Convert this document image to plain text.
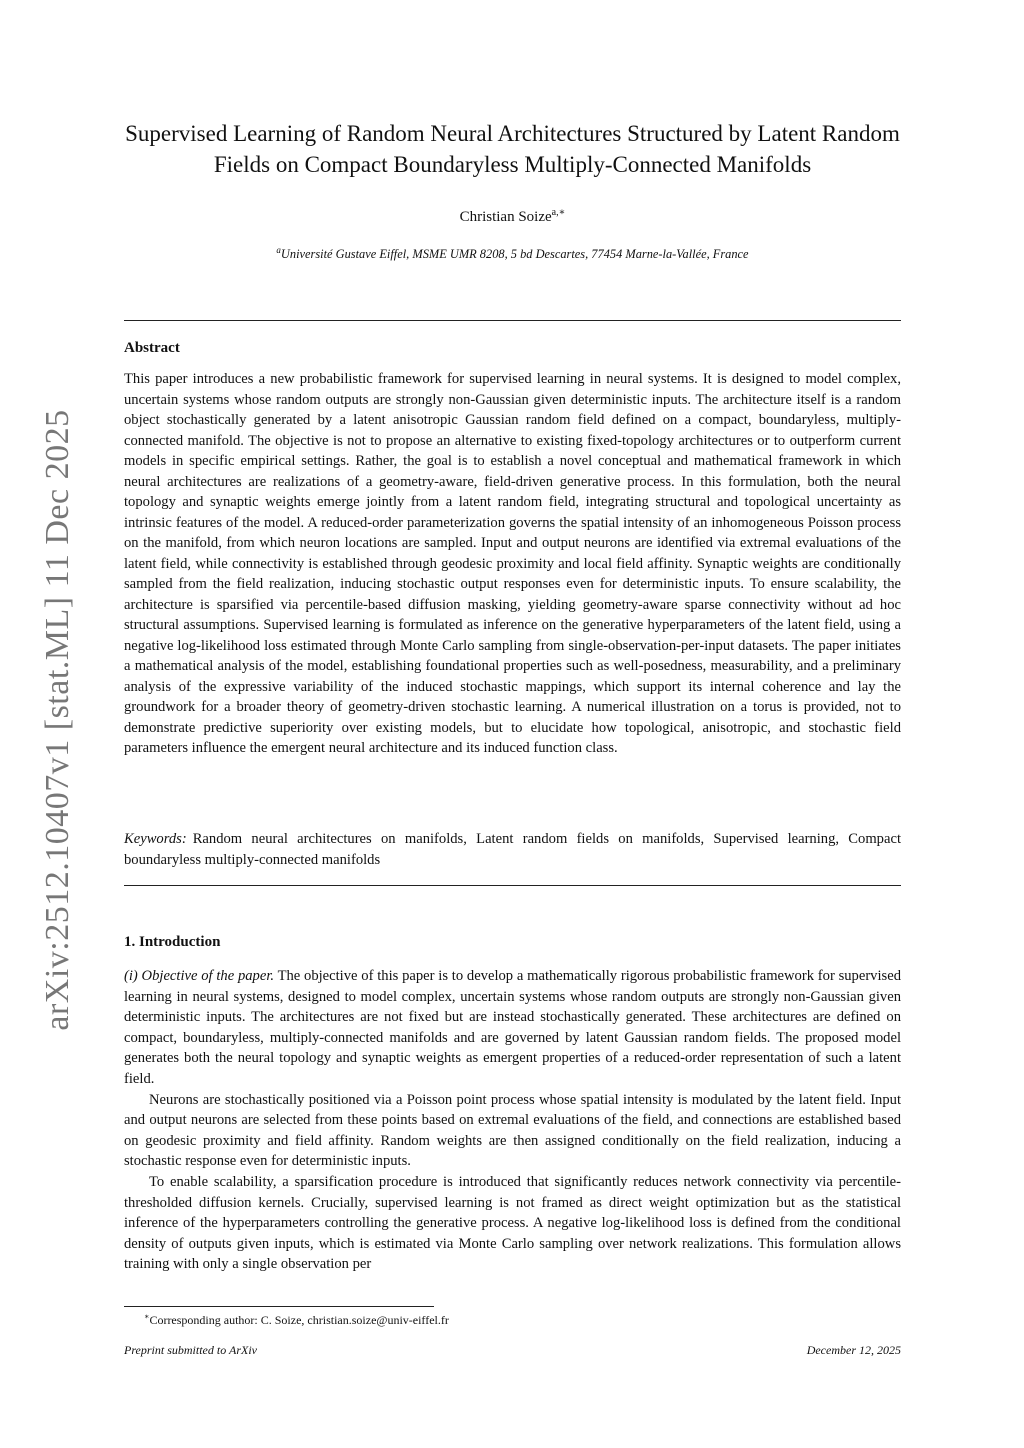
arXiv:2512.10407v1 [stat.ML] 11 Dec 2025
Supervised Learning of Random Neural Architectures Structured by Latent Random Fields on Compact Boundaryless Multiply-Connected Manifolds
Christian Soize$^{a,∗}$
$^a$Université Gustave Eiffel, MSME UMR 8208, 5 bd Descartes, 77454 Marne-la-Vallée, France
Abstract
This paper introduces a new probabilistic framework for supervised learning in neural systems. It is designed to model complex, uncertain systems whose random outputs are strongly non-Gaussian given deterministic inputs. The architecture itself is a random object stochastically generated by a latent anisotropic Gaussian random field defined on a compact, boundaryless, multiply-connected manifold. The objective is not to propose an alternative to existing fixed-topology architectures or to outperform current models in specific empirical settings. Rather, the goal is to establish a novel conceptual and mathematical framework in which neural architectures are realizations of a geometry-aware, field-driven generative process. In this formulation, both the neural topology and synaptic weights emerge jointly from a latent random field, integrating structural and topological uncertainty as intrinsic features of the model. A reduced-order parameterization governs the spatial intensity of an inhomogeneous Poisson process on the manifold, from which neuron locations are sampled. Input and output neurons are identified via extremal evaluations of the latent field, while connectivity is established through geodesic proximity and local field affinity. Synaptic weights are conditionally sampled from the field realization, inducing stochastic output responses even for deterministic inputs. To ensure scalability, the architecture is sparsified via percentile-based diffusion masking, yielding geometry-aware sparse connectivity without ad hoc structural assumptions. Supervised learning is formulated as inference on the generative hyperparameters of the latent field, using a negative log-likelihood loss estimated through Monte Carlo sampling from single-observation-per-input datasets. The paper initiates a mathematical analysis of the model, establishing foundational properties such as well-posedness, measurability, and a preliminary analysis of the expressive variability of the induced stochastic mappings, which support its internal coherence and lay the groundwork for a broader theory of geometry-driven stochastic learning. A numerical illustration on a torus is provided, not to demonstrate predictive superiority over existing models, but to elucidate how topological, anisotropic, and stochastic field parameters influence the emergent neural architecture and its induced function class.
Keywords: Random neural architectures on manifolds, Latent random fields on manifolds, Supervised learning, Compact boundaryless multiply-connected manifolds
1. Introduction

(i) Objective of the paper. The objective of this paper is to develop a mathematically rigorous probabilistic framework for supervised learning in neural systems, designed to model complex, uncertain systems whose random outputs are strongly non-Gaussian given deterministic inputs. The architectures are not fixed but are instead stochastically generated. These architectures are defined on compact, boundaryless, multiply-connected manifolds and are governed by latent Gaussian random fields. The proposed model generates both the neural topology and synaptic weights as emergent properties of a reduced-order representation of such a latent field.

Neurons are stochastically positioned via a Poisson point process whose spatial intensity is modulated by the latent field. Input and output neurons are selected from these points based on extremal evaluations of the field, and connections are established based on geodesic proximity and field affinity. Random weights are then assigned conditionally on the field realization, inducing a stochastic response even for deterministic inputs.

To enable scalability, a sparsification procedure is introduced that significantly reduces network connectivity via percentile-thresholded diffusion kernels. Crucially, supervised learning is not framed as direct weight optimization but as the statistical inference of the hyperparameters controlling the generative process. A negative log-likelihood loss is defined from the conditional density of outputs given inputs, which is estimated via Monte Carlo sampling over network realizations. This formulation allows training with only a single observation per

∗Corresponding author: C. Soize, christian.soize@univ-eiffel.fr
Preprint submitted to ArXiv	December 12, 2025
